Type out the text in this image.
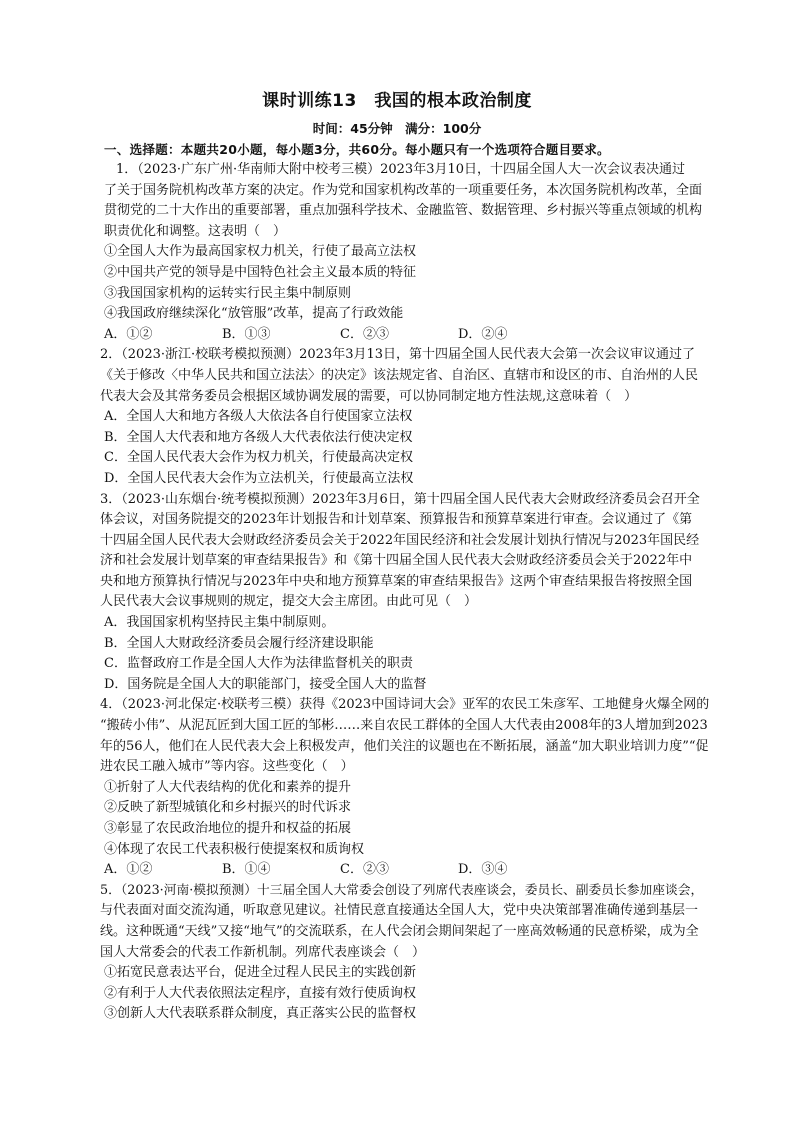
课时训练13　我国的根本政治制度
时间：45分钟　满分：100分
一、选择题：本题共20小题，每小题3分，共60分。每小题只有一个选项符合题目要求。

1．（2023·广东广州·华南师大附中校考三模）2023年3月10日，十四届全国人大一次会议表决通过

了关于国务院机构改革方案的决定。作为党和国家机构改革的一项重要任务，本次国务院机构改革，全面

贯彻党的二十大作出的重要部署，重点加强科学技术、金融监管、数据管理、乡村振兴等重点领域的机构

职责优化和调整。这表明（　）

①全国人大作为最高国家权力机关，行使了最高立法权

②中国共产党的领导是中国特色社会主义最本质的特征

③我国国家机构的运转实行民主集中制原则

④我国政府继续深化“放管服”改革，提高了行政效能

A．①②	B．①③	C．②③	D．②④

2．（2023·浙江·校联考模拟预测）2023年3月13日，第十四届全国人民代表大会第一次会议审议通过了

《关于修改〈中华人民共和国立法法〉的决定》该法规定省、自治区、直辖市和设区的市、自治州的人民

代表大会及其常务委员会根据区域协调发展的需要，可以协同制定地方性法规,这意味着（　）

A．全国人大和地方各级人大依法各自行使国家立法权

B．全国人大代表和地方各级人大代表依法行使决定权

C．全国人民代表大会作为权力机关，行使最高决定权

D．全国人民代表大会作为立法机关，行使最高立法权

3．（2023·山东烟台·统考模拟预测）2023年3月6日，第十四届全国人民代表大会财政经济委员会召开全

体会议，对国务院提交的2023年计划报告和计划草案、预算报告和预算草案进行审查。会议通过了《第

十四届全国人民代表大会财政经济委员会关于2022年国民经济和社会发展计划执行情况与2023年国民经

济和社会发展计划草案的审查结果报告》和《第十四届全国人民代表大会财政经济委员会关于2022年中

央和地方预算执行情况与2023年中央和地方预算草案的审查结果报告》这两个审查结果报告将按照全国

人民代表大会议事规则的规定，提交大会主席团。由此可见（　）

A．我国国家机构坚持民主集中制原则。

B．全国人大财政经济委员会履行经济建设职能

C．监督政府工作是全国人大作为法律监督机关的职责

D．国务院是全国人大的职能部门，接受全国人大的监督

4．（2023·河北保定·校联考三模）获得《2023中国诗词大会》亚军的农民工朱彦军、工地健身火爆全网的

“搬砖小伟”、从泥瓦匠到大国工匠的邹彬……来自农民工群体的全国人大代表由2008年的3人增加到2023

年的56人，他们在人民代表大会上积极发声，他们关注的议题也在不断拓展，涵盖“加大职业培训力度”“促

进农民工融入城市”等内容。这些变化（　）

①折射了人大代表结构的优化和素养的提升

②反映了新型城镇化和乡村振兴的时代诉求

③彰显了农民政治地位的提升和权益的拓展

④体现了农民工代表积极行使提案权和质询权

A．①②	B．①④	C．②③	D．③④

5．（2023·河南·模拟预测）十三届全国人大常委会创设了列席代表座谈会，委员长、副委员长参加座谈会，

与代表面对面交流沟通，听取意见建议。社情民意直接通达全国人大，党中央决策部署准确传递到基层一

线。这种既通“天线”又接“地气”的交流联系，在人代会闭会期间架起了一座高效畅通的民意桥梁，成为全

国人大常委会的代表工作新机制。列席代表座谈会（　）

①拓宽民意表达平台，促进全过程人民民主的实践创新

②有利于人大代表依照法定程序，直接有效行使质询权

③创新人大代表联系群众制度，真正落实公民的监督权
